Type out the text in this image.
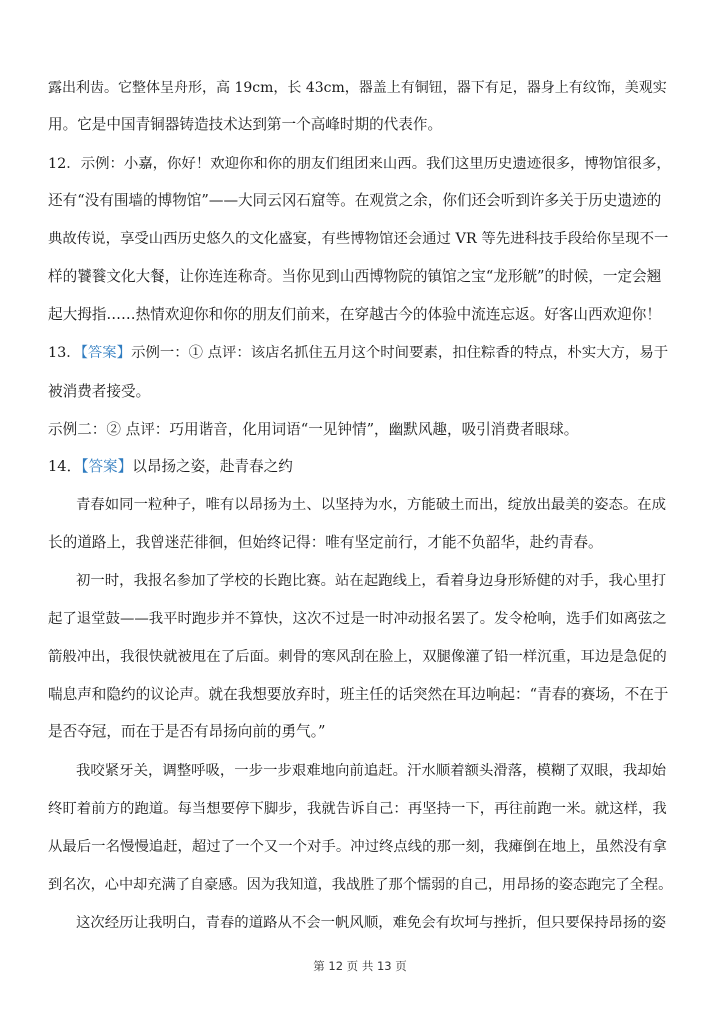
露出利齿。它整体呈舟形，高 19cm，长 43cm，器盖上有铜钮，器下有足，器身上有纹饰，美观实
用。它是中国青铜器铸造技术达到第一个高峰时期的代表作。
12．示例：小嘉，你好！欢迎你和你的朋友们组团来山西。我们这里历史遗迹很多，博物馆很多，
还有“没有围墙的博物馆”——大同云冈石窟等。在观赏之余，你们还会听到许多关于历史遗迹的
典故传说，享受山西历史悠久的文化盛宴，有些博物馆还会通过 VR 等先进科技手段给你呈现不一
样的饕餮文化大餐，让你连连称奇。当你见到山西博物院的镇馆之宝“龙形觥”的时候，一定会翘
起大拇指……热情欢迎你和你的朋友们前来，在穿越古今的体验中流连忘返。好客山西欢迎你！
13．【答案】示例一：① 点评：该店名抓住五月这个时间要素，扣住粽香的特点，朴实大方，易于
被消费者接受。
示例二：② 点评：巧用谐音，化用词语“一见钟情”，幽默风趣，吸引消费者眼球。
14．【答案】以昂扬之姿，赴青春之约
青春如同一粒种子，唯有以昂扬为土、以坚持为水，方能破土而出，绽放出最美的姿态。在成
长的道路上，我曾迷茫徘徊，但始终记得：唯有坚定前行，才能不负韶华，赴约青春。
初一时，我报名参加了学校的长跑比赛。站在起跑线上，看着身边身形矫健的对手，我心里打
起了退堂鼓——我平时跑步并不算快，这次不过是一时冲动报名罢了。发令枪响，选手们如离弦之
箭般冲出，我很快就被甩在了后面。刺骨的寒风刮在脸上，双腿像灌了铅一样沉重，耳边是急促的
喘息声和隐约的议论声。就在我想要放弃时，班主任的话突然在耳边响起：“青春的赛场，不在于
是否夺冠，而在于是否有昂扬向前的勇气。”
我咬紧牙关，调整呼吸，一步一步艰难地向前追赶。汗水顺着额头滑落，模糊了双眼，我却始
终盯着前方的跑道。每当想要停下脚步，我就告诉自己：再坚持一下，再往前跑一米。就这样，我
从最后一名慢慢追赶，超过了一个又一个对手。冲过终点线的那一刻，我瘫倒在地上，虽然没有拿
到名次，心中却充满了自豪感。因为我知道，我战胜了那个懦弱的自己，用昂扬的姿态跑完了全程。
这次经历让我明白，青春的道路从不会一帆风顺，难免会有坎坷与挫折，但只要保持昂扬的姿
第 12 页 共 13 页
